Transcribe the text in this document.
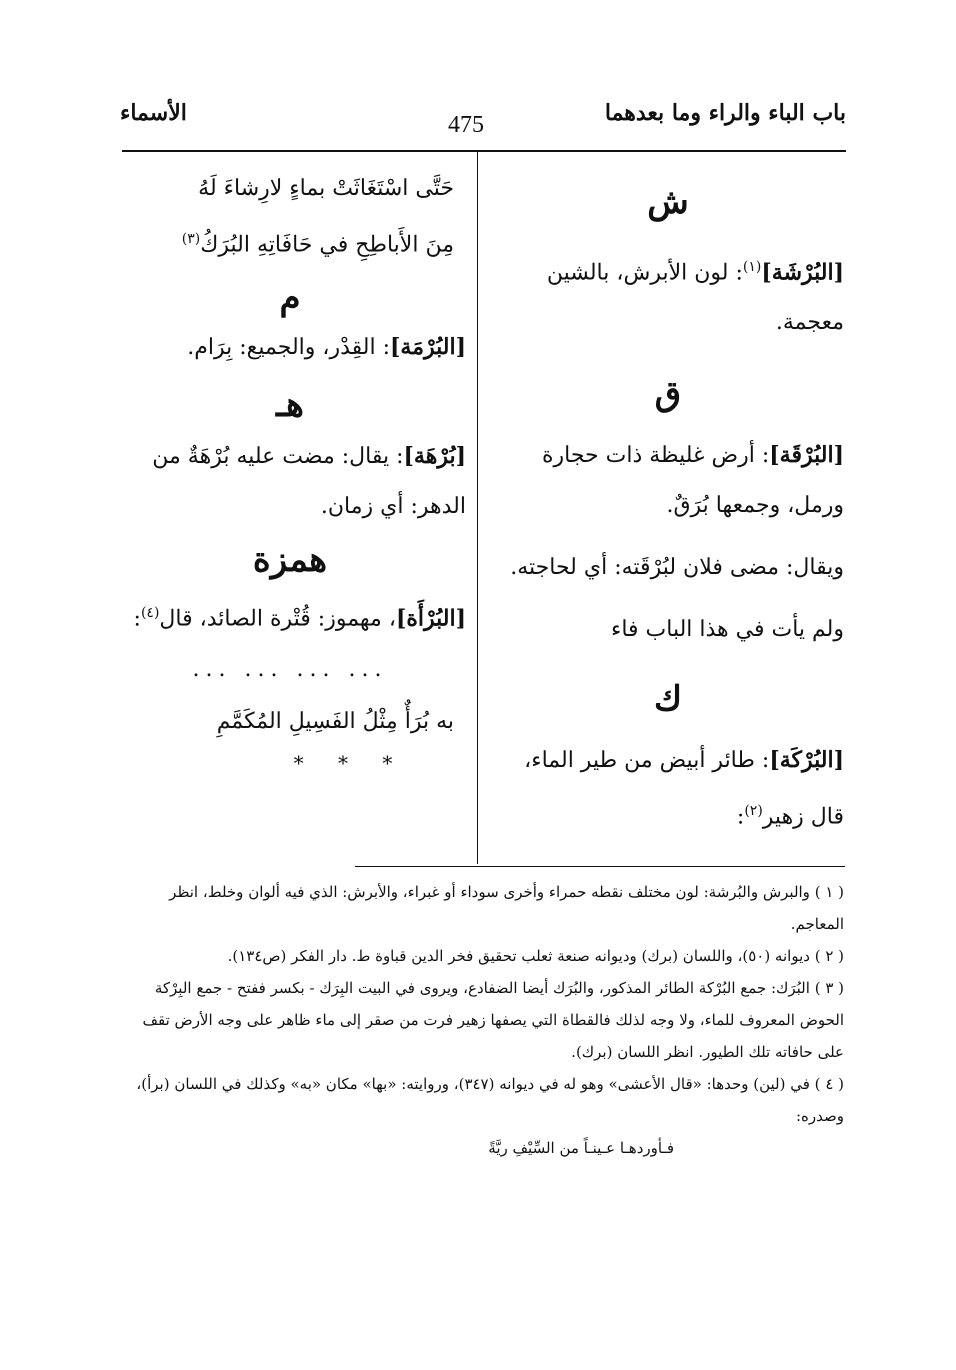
باب الباء والراء وما بعدهما
475
الأسماء
ش
[البُرْشَة]$^{(١)}$: لون الأبرش، بالشين معجمة.
ق
[البُرْقَة]: أرض غليظة ذات حجارة ورمل، وجمعها بُرَقٌ.
ويقال: مضى فلان لبُرْقَته: أي لحاجته.
ولم يأت في هذا الباب فاء
ك
[البُرْكَة]: طائر أبيض من طير الماء، قال زهير$^{(٢)}$:
حَتَّى اسْتَغَاثَتْ بماءٍ لارِشاءَ لَهُ
مِنَ الأَباطِحِ في حَافَاتِهِ البُرَكُ$^{(٣)}$
م
[البُرْمَة]: القِدْر، والجميع: بِرَام.
هـ
[بُرْهَة]: يقال: مضت عليه بُرْهَةٌ من الدهر: أي زمان.
همزة
[البُرْأَة]، مهموز: قُتْرة الصائد، قال$^{(٤)}$:
... ... ... ...
به بُرَأٌ مِثْلُ الفَسِيلِ المُكَمَّمِ
* * *

( ١ ) والبرش والبُرشة: لون مختلف نقطه حمراء وأخرى سوداء أو غبراء، والأبرش: الذي فيه ألوان وخلط، انظر المعاجم.

( ٢ ) ديوانه (٥٠)، واللسان (برك) وديوانه صنعة ثعلب تحقيق فخر الدين قباوة ط. دار الفكر (ص١٣٤).

( ٣ ) البُرَك: جمع البُرْكة الطائر المذكور، والبُرَك أيضا الضفادع، ويروى في البيت البِرَك - بكسر ففتح - جمع البِرْكة الحوض المعروف للماء، ولا وجه لذلك فالقطاة التي يصفها زهير فرت من صقر إلى ماء ظاهر على وجه الأرض تقف على حافاته تلك الطيور. انظر اللسان (برك).

( ٤ ) في (لين) وحدها: «قال الأعشى» وهو له في ديوانه (٣٤٧)، وروايته: «بها» مكان «به» وكذلك في اللسان (برأ)، وصدره:

فـأوردهـا عـينـاً من السِّيْفِ ريَّةً
